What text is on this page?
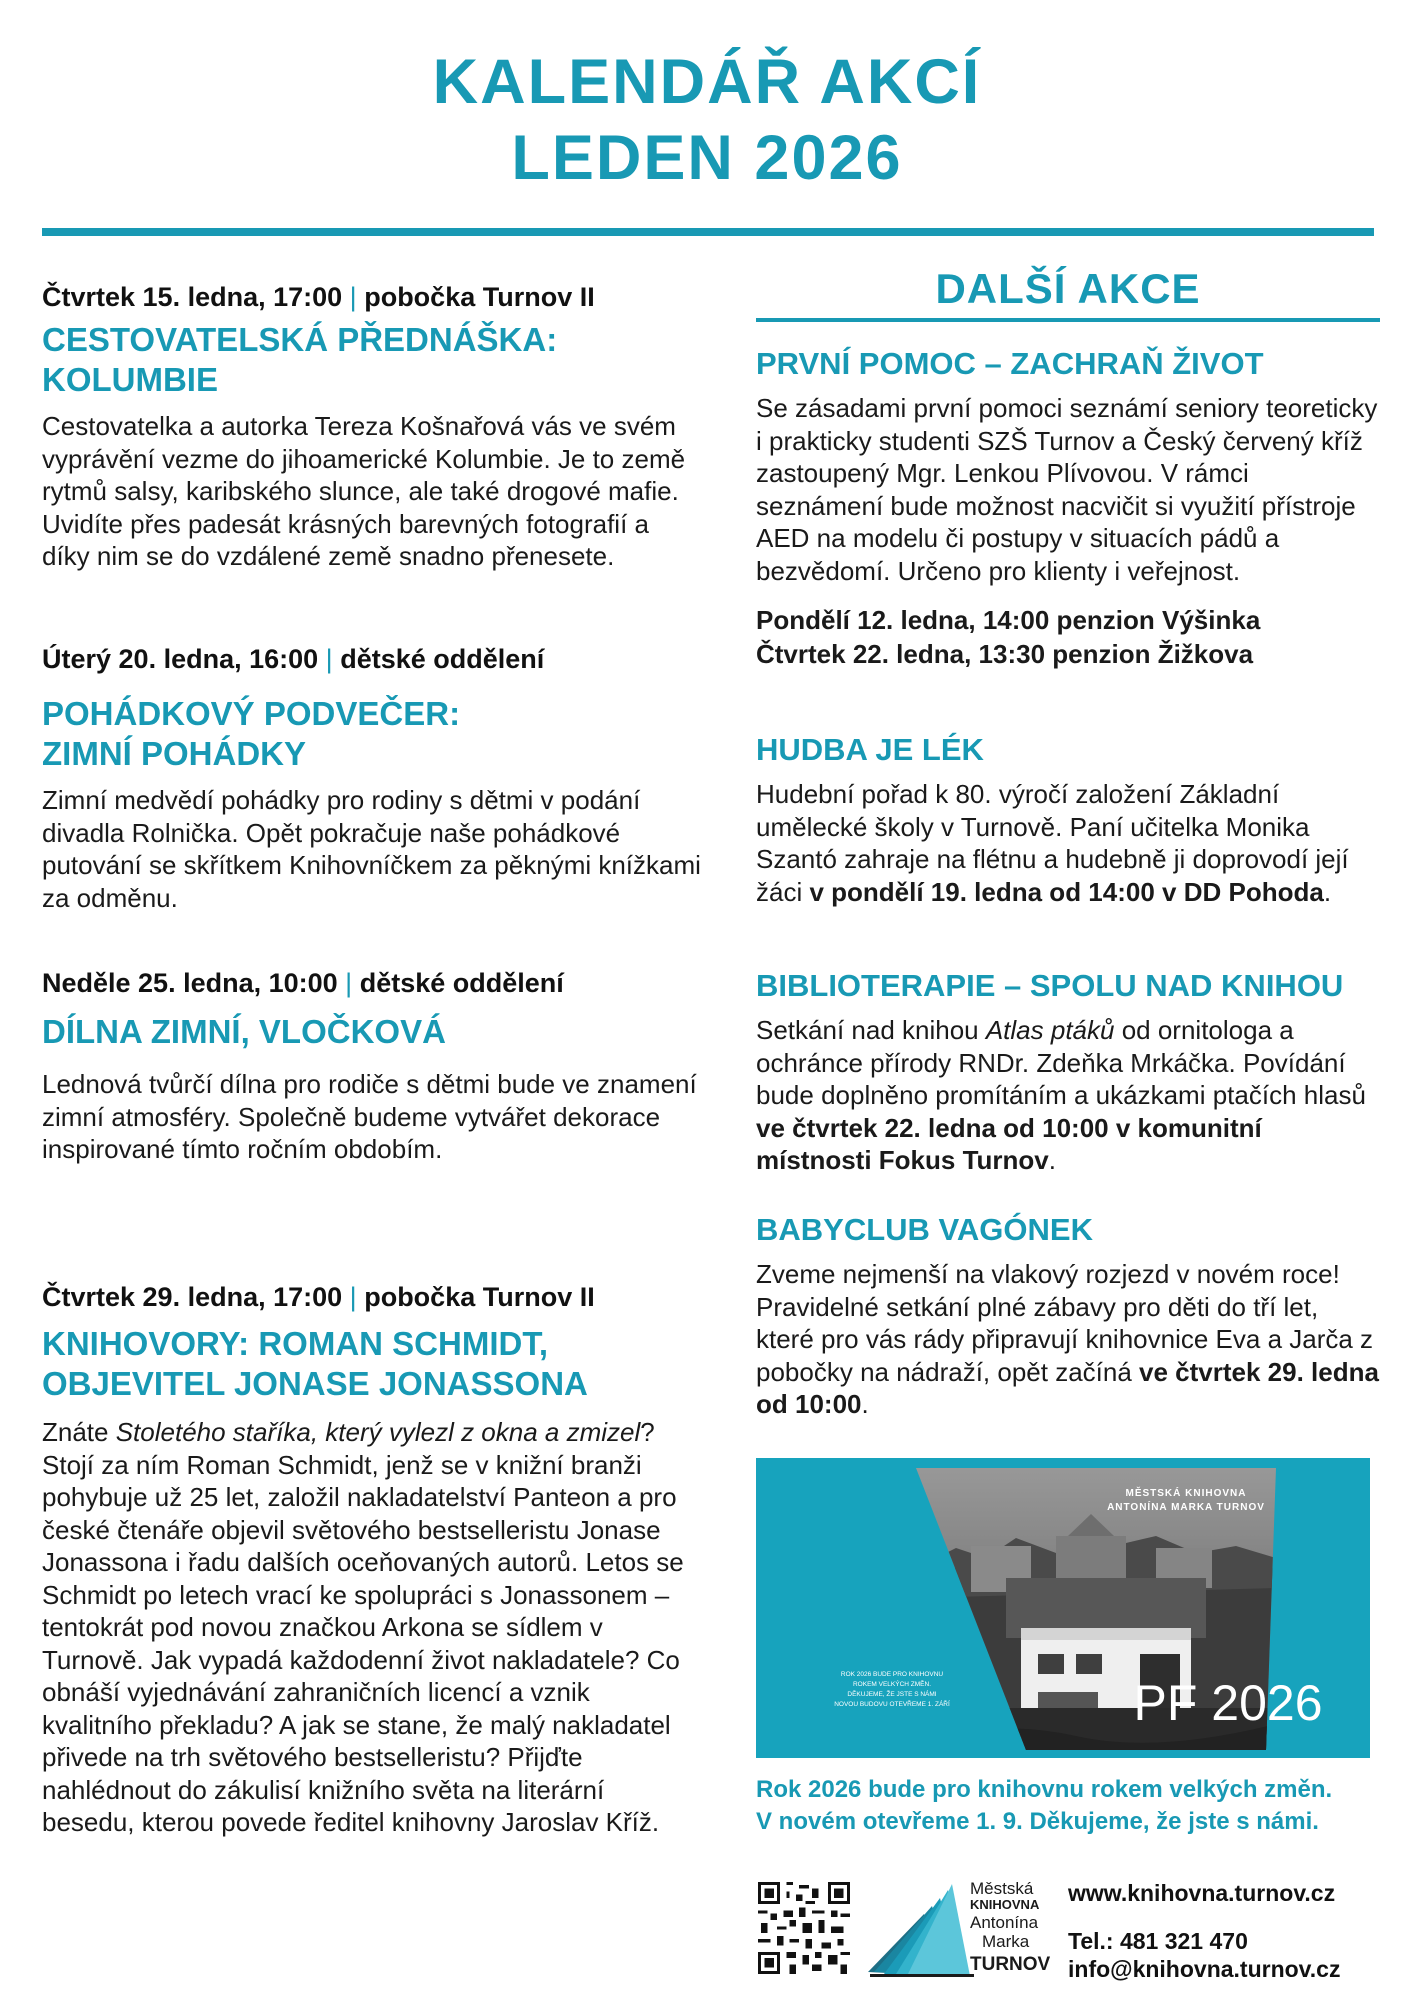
KALENDÁŘ AKCÍ
LEDEN 2026
Čtvrtek 15. ledna, 17:00 | pobočka Turnov II
CESTOVATELSKÁ PŘEDNÁŠKA:
KOLUMBIE
Cestovatelka a autorka Tereza Košnařová vás ve svém vyprávění vezme do jihoamerické Kolumbie. Je to země rytmů salsy, karibského slunce, ale také drogové mafie. Uvidíte přes padesát krásných barevných fotografií a díky nim se do vzdálené země snadno přenesete.
Úterý 20. ledna, 16:00 | dětské oddělení
POHÁDKOVÝ PODVEČER:
ZIMNÍ POHÁDKY
Zimní medvědí pohádky pro rodiny s dětmi v podání divadla Rolnička. Opět pokračuje naše pohádkové putování se skřítkem Knihovníčkem za pěknými knížkami za odměnu.
Neděle 25. ledna, 10:00 | dětské oddělení
DÍLNA ZIMNÍ, VLOČKOVÁ
Lednová tvůrčí dílna pro rodiče s dětmi bude ve znamení zimní atmosféry. Společně budeme vytvářet dekorace inspirované tímto ročním obdobím.
Čtvrtek 29. ledna, 17:00 | pobočka Turnov II
KNIHOVORY: ROMAN SCHMIDT,
OBJEVITEL JONASE JONASSONA
Znáte Stoletého staříka, který vylezl z okna a zmizel? Stojí za ním Roman Schmidt, jenž se v knižní branži pohybuje už 25 let, založil nakladatelství Panteon a pro české čtenáře objevil světového bestselleristu Jonase Jonassona i řadu dalších oceňovaných autorů. Letos se Schmidt po letech vrací ke spolupráci s Jonassonem – tentokrát pod novou značkou Arkona se sídlem v Turnově. Jak vypadá každodenní život nakladatele? Co obnáší vyjednávání zahraničních licencí a vznik kvalitního překladu? A jak se stane, že malý nakladatel přivede na trh světového bestselleristu? Přijďte nahlédnout do zákulisí knižního světa na literární besedu, kterou povede ředitel knihovny Jaroslav Kříž.
DALŠÍ AKCE
PRVNÍ POMOC – ZACHRAŇ ŽIVOT
Se zásadami první pomoci seznámí seniory teoreticky i prakticky studenti SZŠ Turnov a Český červený kříž zastoupený Mgr. Lenkou Plívovou. V rámci seznámení bude možnost nacvičit si využití přístroje AED na modelu či postupy v situacích pádů a bezvědomí. Určeno pro klienty i veřejnost.
Pondělí 12. ledna, 14:00 penzion Výšinka
Čtvrtek 22. ledna, 13:30 penzion Žižkova
HUDBA JE LÉK
Hudební pořad k 80. výročí založení Základní umělecké školy v Turnově. Paní učitelka Monika Szantó zahraje na flétnu a hudebně ji doprovodí její žáci v pondělí 19. ledna od 14:00 v DD Pohoda.
BIBLIOTERAPIE – SPOLU NAD KNIHOU
Setkání nad knihou Atlas ptáků od ornitologa a ochránce přírody RNDr. Zdeňka Mrkáčka. Povídání bude doplněno promítáním a ukázkami ptačích hlasů ve čtvrtek 22. ledna od 10:00 v komunitní místnosti Fokus Turnov.
BABYCLUB VAGÓNEK
Zveme nejmenší na vlakový rozjezd v novém roce! Pravidelné setkání plné zábavy pro děti do tří let, které pro vás rády připravují knihovnice Eva a Jarča z pobočky na nádraží, opět začíná ve čtvrtek 29. ledna od 10:00.
MĚSTSKÁ KNIHOVNA
ANTONÍNA MARKA TURNOV
ROK 2026 BUDE PRO KNIHOVNU
ROKEM VELKÝCH ZMĚN.
DĚKUJEME, ŽE JSTE S NÁMI
NOVOU BUDOVU OTEVŘEME 1. ZÁŘÍ	PF 2026
Rok 2026 bude pro knihovnu rokem velkých změn.
V novém otevřeme 1. 9. Děkujeme, že jste s námi.
Městská
KNIHOVNA
Antonína
Marka
TURNOV
www.knihovna.turnov.cz
Tel.: 481 321 470
info@knihovna.turnov.cz
